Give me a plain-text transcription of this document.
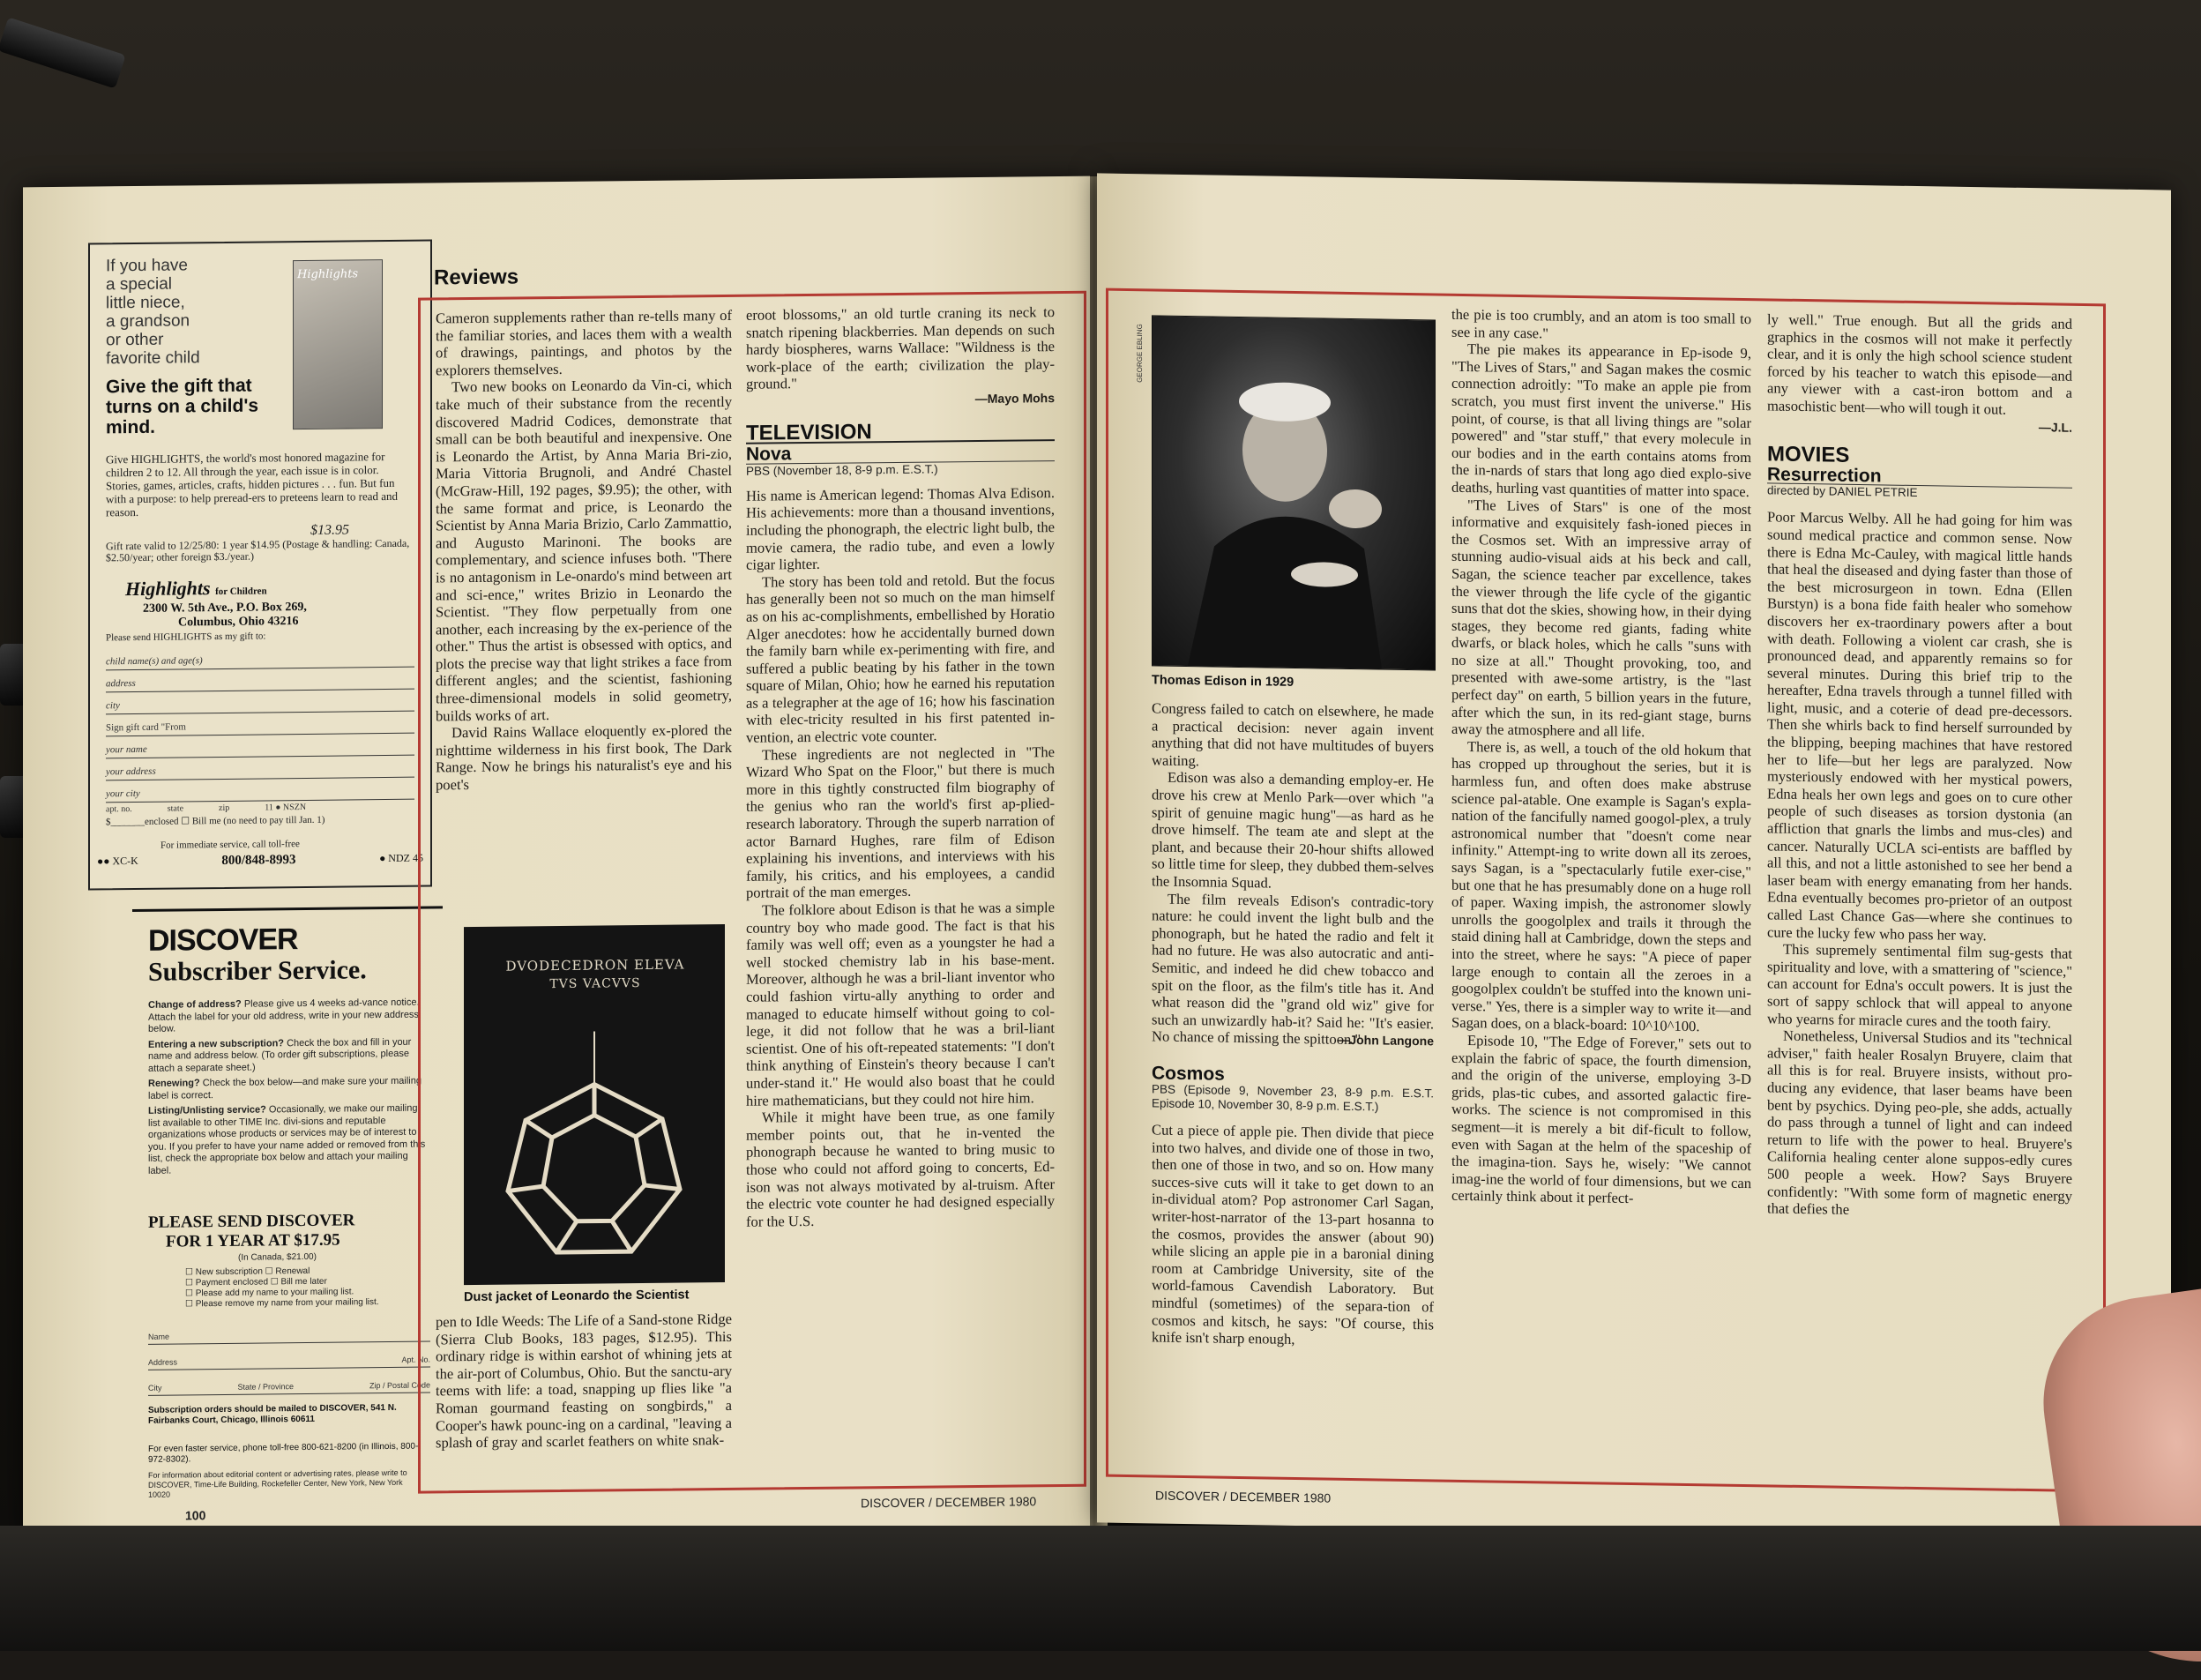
If you have
a special
little niece,
a grandson
or other
favorite child
Highlights
Give the gift that turns on a child's mind.
Give HIGHLIGHTS, the world's most honored magazine for children 2 to 12. All through the year, each issue is in color. Stories, games, articles, crafts, hidden pictures . . . fun. But fun with a purpose: to help preread-ers to preteens learn to read and reason.
$13.95
Gift rate valid to 12/25/80: 1 year $14.95 (Postage & handling: Canada, $2.50/year; other foreign $3./year.)
Highlights for Children
2300 W. 5th Ave., P.O. Box 269,
Columbus, Ohio 43216
Please send HIGHLIGHTS as my gift to:
child name(s) and age(s)
address
city
Sign gift card "From
your name
your address
your city
apt. no.	state	zip	11 ● NSZN
$_______enclosed ☐ Bill me (no need to pay till Jan. 1)
For immediate service, call toll-free
●● XC-K	800/848-8993	● NDZ 45
DISCOVER
Subscriber Service.
Change of address? Please give us 4 weeks ad-vance notice. Attach the label for your old address, write in your new address below.
Entering a new subscription? Check the box and fill in your name and address below. (To order gift subscriptions, please attach a separate sheet.)
Renewing? Check the box below—and make sure your mailing label is correct.
Listing/Unlisting service? Occasionally, we make our mailing list available to other TIME Inc. divi-sions and reputable organizations whose products or services may be of interest to you. If you prefer to have your name added or removed from this list, check the appropriate box below and attach your mailing label.
PLEASE SEND DISCOVER
FOR 1 YEAR AT $17.95
(In Canada, $21.00)
☐ New subscription ☐ Renewal
☐ Payment enclosed ☐ Bill me later
☐ Please add my name to your mailing list.
☐ Please remove my name from your mailing list.
Name
Address	Apt. No.
City	State / Province	Zip / Postal Code
Subscription orders should be mailed to DISCOVER, 541 N. Fairbanks Court, Chicago, Illinois 60611
For even faster service, phone toll-free 800-621-8200 (in Illinois, 800-972-8302).
For information about editorial content or advertising rates, please write to DISCOVER, Time-Life Building, Rockefeller Center, New York, New York 10020
Reviews

Cameron supplements rather than re-tells many of the familiar stories, and laces them with a wealth of drawings, paintings, and photos by the explorers themselves.

Two new books on Leonardo da Vin-ci, which take much of their substance from the recently discovered Madrid Codices, demonstrate that small can be both beautiful and inexpensive. One is Leonardo the Artist, by Anna Maria Bri-zio, Maria Vittoria Brugnoli, and André Chastel (McGraw-Hill, 192 pages, $9.95); the other, with the same format and price, is Leonardo the Scientist by Anna Maria Brizio, Carlo Zammattio, and Augusto Marinoni. The books are complementary, and science infuses both. "There is no antagonism in Le-onardo's mind between art and sci-ence," writes Brizio in Leonardo the Scientist. "They flow perpetually from one another, each increasing by the ex-perience of the other." Thus the artist is obsessed with optics, and plots the precise way that light strikes a face from different angles; and the scientist, fashioning three-dimensional models in solid geometry, builds works of art.

David Rains Wallace eloquently ex-plored the nighttime wilderness in his first book, The Dark Range. Now he brings his naturalist's eye and his poet's

DVODECEDRON ELEVA
TVS VACVVS
Dust jacket of Leonardo the Scientist

pen to Idle Weeds: The Life of a Sand-stone Ridge (Sierra Club Books, 183 pages, $12.95). This ordinary ridge is within earshot of whining jets at the air-port of Columbus, Ohio. But the sanctu-ary teems with life: a toad, snapping up flies like "a Roman gourmand feasting on songbirds," a Cooper's hawk pounc-ing on a cardinal, "leaving a splash of gray and scarlet feathers on white snak-

eroot blossoms," an old turtle craning its neck to snatch ripening blackberries. Man depends on such hardy biospheres, warns Wallace: "Wildness is the work-place of the earth; civilization the play-ground."

—Mayo Mohs
TELEVISION
Nova
PBS (November 18, 8-9 p.m. E.S.T.)

His name is American legend: Thomas Alva Edison. His achievements: more than a thousand inventions, including the phonograph, the electric light bulb, the movie camera, the radio tube, and even a lowly cigar lighter.

The story has been told and retold. But the focus has generally been not so much on the man himself as on his ac-complishments, embellished by Horatio Alger anecdotes: how he accidentally burned down the family barn while ex-perimenting with fire, and suffered a public beating by his father in the town square of Milan, Ohio; how he earned his reputation as a telegrapher at the age of 16; how his fascination with elec-tricity resulted in his first patented in-vention, an electric vote counter.

These ingredients are not neglected in "The Wizard Who Spat on the Floor," but there is much more in this tightly constructed film biography of the genius who ran the world's first ap-plied-research laboratory. Through the superb narration of actor Barnard Hughes, rare film of Edison explaining his inventions, and interviews with his family, his critics, and his employees, a candid portrait of the man emerges.

The folklore about Edison is that he was a simple country boy who made good. The fact is that his family was well off; even as a youngster he had a well stocked chemistry lab in his base-ment. Moreover, although he was a bril-liant inventor who could fashion virtu-ally anything to order and managed to educate himself without going to col-lege, it did not follow that he was a bril-liant scientist. One of his oft-repeated statements: "I don't think anything of Einstein's theory because I can't under-stand it." He would also boast that he could hire mathematicians, but they could not hire him.

While it might have been true, as one family member points out, that he in-vented the phonograph because he wanted to bring music to those who could not afford going to concerts, Ed-ison was not always motivated by al-truism. After the electric vote counter he had designed especially for the U.S.

100
DISCOVER / DECEMBER 1980
GEORGE EBLING
Thomas Edison in 1929

Congress failed to catch on elsewhere, he made a practical decision: never again invent anything that did not have multitudes of buyers waiting.

Edison was also a demanding employ-er. He drove his crew at Menlo Park—over which "a spirit of genuine magic hung"—as hard as he drove himself. The team ate and slept at the plant, and because their 20-hour shifts allowed so little time for sleep, they dubbed them-selves the Insomnia Squad.

The film reveals Edison's contradic-tory nature: he could invent the light bulb and the phonograph, but he hated the radio and felt it had no future. He was also autocratic and anti-Semitic, and indeed he did chew tobacco and spit on the floor, as the film's title has it. And what reason did the "grand old wiz" give for such an unwizardly hab-it? Said he: "It's easier. No chance of missing the spittoon."

—John Langone
Cosmos
PBS (Episode 9, November 23, 8-9 p.m. E.S.T. Episode 10, November 30, 8-9 p.m. E.S.T.)

Cut a piece of apple pie. Then divide that piece into two halves, and divide one of those in two, then one of those in two, and so on. How many succes-sive cuts will it take to get down to an in-dividual atom? Pop astronomer Carl Sagan, writer-host-narrator of the 13-part hosanna to the cosmos, provides the answer (about 90) while slicing an apple pie in a baronial dining room at Cambridge University, site of the world-famous Cavendish Laboratory. But mindful (sometimes) of the separa-tion of cosmos and kitsch, he says: "Of course, this knife isn't sharp enough,

the pie is too crumbly, and an atom is too small to see in any case."

The pie makes its appearance in Ep-isode 9, "The Lives of Stars," and Sagan makes the cosmic connection adroitly: "To make an apple pie from scratch, you must first invent the universe." His point, of course, is that all living things are "solar powered" and "star stuff," that every molecule in our bodies and in the earth contains atoms from the in-nards of stars that long ago died explo-sive deaths, hurling vast quantities of matter into space.

"The Lives of Stars" is one of the most informative and exquisitely fash-ioned pieces in the Cosmos set. With an impressive array of stunning audio-visual aids at his beck and call, Sagan, the science teacher par excellence, takes the viewer through the life cycle of the gigantic suns that dot the skies, showing how, in their dying stages, they become red giants, fading white dwarfs, or black holes, which he calls "suns with no size at all." Thought provoking, too, and presented with awe-some artistry, is the "last perfect day" on earth, 5 billion years in the future, after which the sun, in its red-giant stage, burns away the atmosphere and all life.

There is, as well, a touch of the old hokum that has cropped up throughout the series, but it is harmless fun, and often does make abstruse science pal-atable. One example is Sagan's expla-nation of the fancifully named googol-plex, a truly astronomical number that "doesn't come near infinity." Attempt-ing to write down all its zeroes, says Sagan, is a "spectacularly futile exer-cise," but one that he has presumably done on a huge roll of paper. Waxing impish, the astronomer slowly unrolls the googolplex and trails it through the staid dining hall at Cambridge, down the steps and into the street, where he says: "A piece of paper large enough to contain all the zeroes in a googolplex couldn't be stuffed into the known uni-verse." Yes, there is a simpler way to write it—and Sagan does, on a black-board: 10^10^100.

Episode 10, "The Edge of Forever," sets out to explain the fabric of space, the fourth dimension, and the origin of the universe, employing 3-D grids, plas-tic cubes, and assorted galactic fire-works. The science is not compromised in this segment—it is merely a bit dif-ficult to follow, even with Sagan at the helm of the spaceship of the imagina-tion. Says he, wisely: "We cannot imag-ine the world of four dimensions, but we can certainly think about it perfect-

ly well." True enough. But all the grids and graphics in the cosmos will not make it perfectly clear, and it is only the high school science student forced by his teacher to watch this episode—and any viewer with a cast-iron bottom and a masochistic bent—who will tough it out.

—J.L.
MOVIES
Resurrection
directed by DANIEL PETRIE

Poor Marcus Welby. All he had going for him was sound medical practice and common sense. Now there is Edna Mc-Cauley, with magical little hands that heal the diseased and dying faster than those of the best microsurgeon in town. Edna (Ellen Burstyn) is a bona fide faith healer who somehow discovers her ex-traordinary powers after a bout with death. Following a violent car crash, she is pronounced dead, and apparently remains so for several minutes. During this brief trip to the hereafter, Edna travels through a tunnel filled with light, music, and a coterie of dead pre-decessors. Then she whirls back to find herself surrounded by the blipping, beeping machines that have restored her to life—but her legs are paralyzed. Now mysteriously endowed with her mystical powers, Edna heals her own legs and goes on to cure other people of such diseases as torsion dystonia (an affliction that gnarls the limbs and mus-cles) and cancer. Naturally UCLA sci-entists are baffled by all this, and not a little astonished to see her bend a laser beam with energy emanating from her hands. Edna eventually becomes pro-prietor of an outpost called Last Chance Gas—where she continues to cure the lucky few who pass her way.

This supremely sentimental film sug-gests that spirituality and love, with a smattering of "science," can account for Edna's occult powers. It is just the sort of sappy schlock that will appeal to anyone who yearns for miracle cures and the tooth fairy.

Nonetheless, Universal Studios and its "technical adviser," faith healer Rosalyn Bruyere, claim that all this is for real. Bruyere insists, without pro-ducing any evidence, that laser beams have been bent by psychics. Dying peo-ple, she adds, actually do pass through a tunnel of light and can indeed return to life with the power to heal. Bruyere's California healing center alone suppos-edly cures 500 people a week. How? Says Bruyere confidently: "With some form of magnetic energy that defies the

DISCOVER / DECEMBER 1980
